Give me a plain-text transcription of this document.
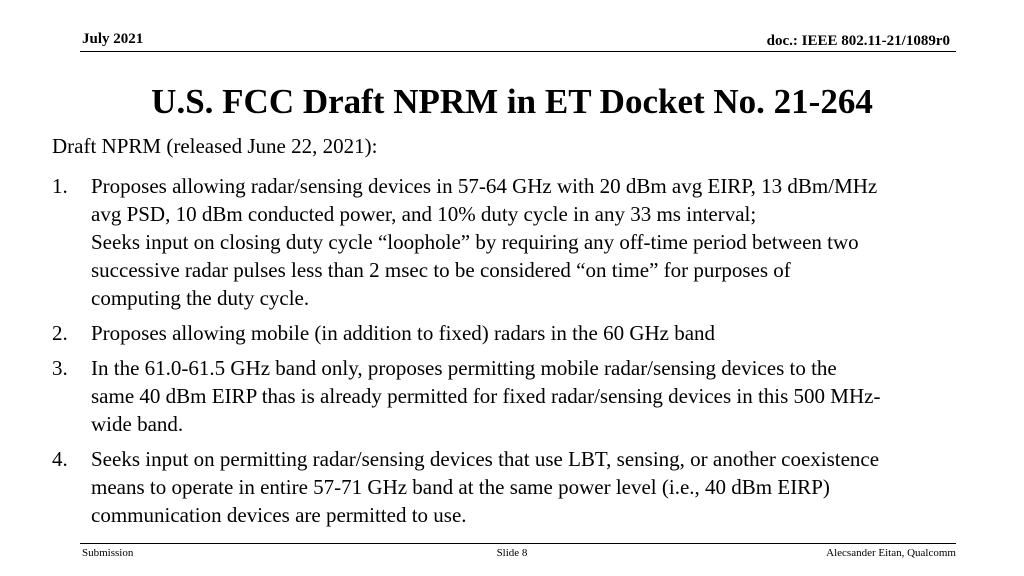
July 2021	doc.: IEEE 802.11-21/1089r0
U.S. FCC Draft NPRM in ET Docket No. 21-264
Draft NPRM (released June 22, 2021):
1. Proposes allowing radar/sensing devices in 57-64 GHz with 20 dBm avg EIRP, 13 dBm/MHz
avg PSD, 10 dBm conducted power, and 10% duty cycle in any 33 ms interval;
Seeks input on closing duty cycle “loophole” by requiring any off-time period between two
successive radar pulses less than 2 msec to be considered “on time” for purposes of
computing the duty cycle.
2. Proposes allowing mobile (in addition to fixed) radars in the 60 GHz band
3. In the 61.0-61.5 GHz band only, proposes permitting mobile radar/sensing devices to the
same 40 dBm EIRP thas is already permitted for fixed radar/sensing devices in this 500 MHz-
wide band.
4. Seeks input on permitting radar/sensing devices that use LBT, sensing, or another coexistence
means to operate in entire 57-71 GHz band at the same power level (i.e., 40 dBm EIRP)
communication devices are permitted to use.
Submission	Slide 8	Alecsander Eitan, Qualcomm
